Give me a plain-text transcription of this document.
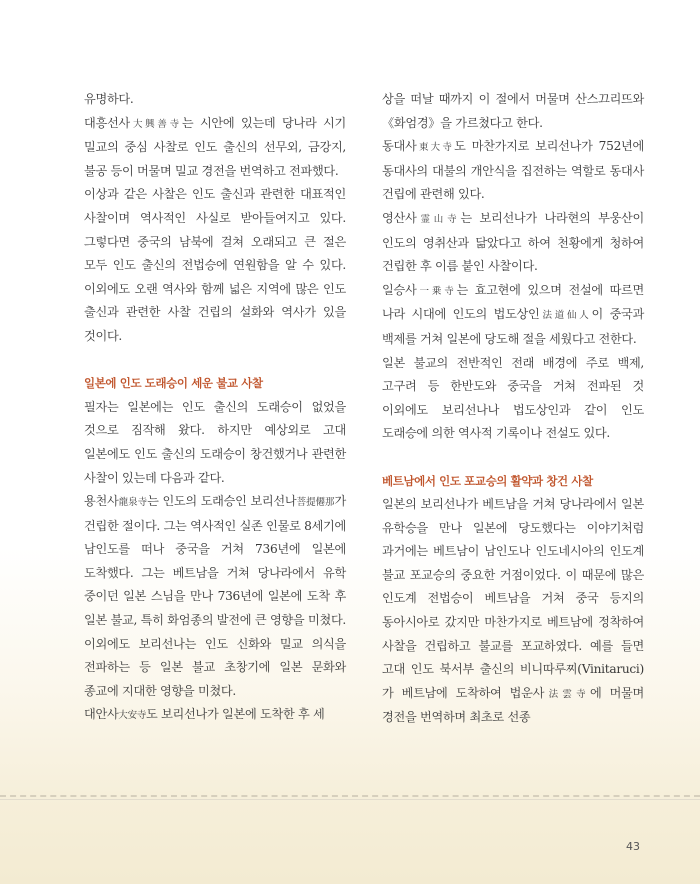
유명하다.

대흥선사大興善寺는 시안에 있는데 당나라 시기 밀교의 중심 사찰로 인도 출신의 선무외, 금강지, 불공 등이 머물며 밀교 경전을 번역하고 전파했다.

이상과 같은 사찰은 인도 출신과 관련한 대표적인 사찰이며 역사적인 사실로 받아들여지고 있다. 그렇다면 중국의 남북에 걸쳐 오래되고 큰 절은 모두 인도 출신의 전법승에 연원함을 알 수 있다. 이외에도 오랜 역사와 함께 넓은 지역에 많은 인도 출신과 관련한 사찰 건립의 설화와 역사가 있을 것이다.

일본에 인도 도래승이 세운 불교 사찰

필자는 일본에는 인도 출신의 도래승이 없었을 것으로 짐작해 왔다. 하지만 예상외로 고대 일본에도 인도 출신의 도래승이 창건했거나 관련한 사찰이 있는데 다음과 같다.

용천사龍泉寺는 인도의 도래승인 보리선나菩提僊那가 건립한 절이다. 그는 역사적인 실존 인물로 8세기에 남인도를 떠나 중국을 거쳐 736년에 일본에 도착했다. 그는 베트남을 거쳐 당나라에서 유학 중이던 일본 스님을 만나 736년에 일본에 도착 후 일본 불교, 특히 화엄종의 발전에 큰 영향을 미쳤다. 이외에도 보리선나는 인도 신화와 밀교 의식을 전파하는 등 일본 불교 초창기에 일본 문화와 종교에 지대한 영향을 미쳤다.

대안사大安寺도 보리선나가 일본에 도착한 후 세

상을 떠날 때까지 이 절에서 머물며 산스끄리뜨와 《화엄경》을 가르쳤다고 한다.

동대사東大寺도 마찬가지로 보리선나가 752년에 동대사의 대불의 개안식을 집전하는 역할로 동대사 건립에 관련해 있다.

영산사霊山寺는 보리선나가 나라현의 부웅산이 인도의 영취산과 닮았다고 하여 천황에게 청하여 건립한 후 이름 붙인 사찰이다.

일승사一乗寺는 효고현에 있으며 전설에 따르면 나라 시대에 인도의 법도상인法道仙人이 중국과 백제를 거쳐 일본에 당도해 절을 세웠다고 전한다.

일본 불교의 전반적인 전래 배경에 주로 백제, 고구려 등 한반도와 중국을 거쳐 전파된 것 이외에도 보리선나나 법도상인과 같이 인도 도래승에 의한 역사적 기록이나 전설도 있다.

베트남에서 인도 포교승의 활약과 창건 사찰

일본의 보리선나가 베트남을 거쳐 당나라에서 일본 유학승을 만나 일본에 당도했다는 이야기처럼 과거에는 베트남이 남인도나 인도네시아의 인도계 불교 포교승의 중요한 거점이었다. 이 때문에 많은 인도계 전법승이 베트남을 거쳐 중국 등지의 동아시아로 갔지만 마찬가지로 베트남에 정착하여 사찰을 건립하고 불교를 포교하였다. 예를 들면 고대 인도 북서부 출신의 비니따루찌(Vinitaruci)가 베트남에 도착하여 법운사法雲寺에 머물며 경전을 번역하며 최초로 선종

43
